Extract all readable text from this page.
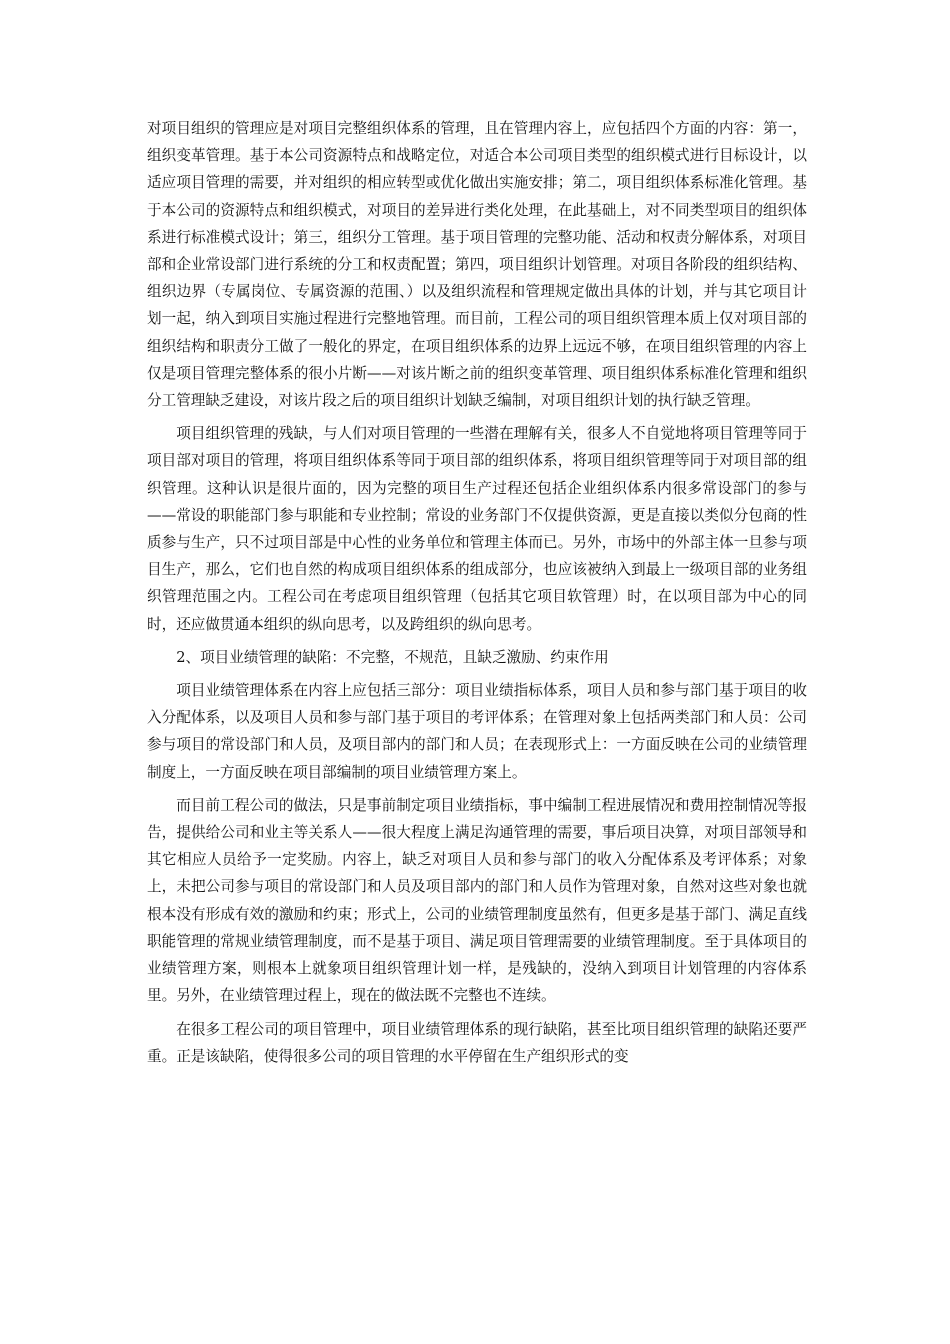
对项目组织的管理应是对项目完整组织体系的管理，且在管理内容上，应包括四个方面的内容：第一，组织变革管理。基于本公司资源特点和战略定位，对适合本公司项目类型的组织模式进行目标设计，以适应项目管理的需要，并对组织的相应转型或优化做出实施安排；第二，项目组织体系标准化管理。基于本公司的资源特点和组织模式，对项目的差异进行类化处理，在此基础上，对不同类型项目的组织体系进行标准模式设计；第三，组织分工管理。基于项目管理的完整功能、活动和权责分解体系，对项目部和企业常设部门进行系统的分工和权责配置；第四，项目组织计划管理。对项目各阶段的组织结构、组织边界（专属岗位、专属资源的范围、）以及组织流程和管理规定做出具体的计划，并与其它项目计划一起，纳入到项目实施过程进行完整地管理。而目前，工程公司的项目组织管理本质上仅对项目部的组织结构和职责分工做了一般化的界定，在项目组织体系的边界上远远不够，在项目组织管理的内容上仅是项目管理完整体系的很小片断——对该片断之前的组织变革管理、项目组织体系标准化管理和组织分工管理缺乏建设，对该片段之后的项目组织计划缺乏编制，对项目组织计划的执行缺乏管理。

项目组织管理的残缺，与人们对项目管理的一些潜在理解有关，很多人不自觉地将项目管理等同于项目部对项目的管理，将项目组织体系等同于项目部的组织体系，将项目组织管理等同于对项目部的组织管理。这种认识是很片面的，因为完整的项目生产过程还包括企业组织体系内很多常设部门的参与——常设的职能部门参与职能和专业控制；常设的业务部门不仅提供资源，更是直接以类似分包商的性质参与生产，只不过项目部是中心性的业务单位和管理主体而已。另外，市场中的外部主体一旦参与项目生产，那么，它们也自然的构成项目组织体系的组成部分，也应该被纳入到最上一级项目部的业务组织管理范围之内。工程公司在考虑项目组织管理（包括其它项目软管理）时，在以项目部为中心的同时，还应做贯通本组织的纵向思考，以及跨组织的纵向思考。

2、项目业绩管理的缺陷：不完整，不规范，且缺乏激励、约束作用

项目业绩管理体系在内容上应包括三部分：项目业绩指标体系，项目人员和参与部门基于项目的收入分配体系，以及项目人员和参与部门基于项目的考评体系；在管理对象上包括两类部门和人员：公司参与项目的常设部门和人员，及项目部内的部门和人员；在表现形式上：一方面反映在公司的业绩管理制度上，一方面反映在项目部编制的项目业绩管理方案上。

而目前工程公司的做法，只是事前制定项目业绩指标，事中编制工程进展情况和费用控制情况等报告，提供给公司和业主等关系人——很大程度上满足沟通管理的需要，事后项目决算，对项目部领导和其它相应人员给予一定奖励。内容上，缺乏对项目人员和参与部门的收入分配体系及考评体系；对象上，未把公司参与项目的常设部门和人员及项目部内的部门和人员作为管理对象，自然对这些对象也就根本没有形成有效的激励和约束；形式上，公司的业绩管理制度虽然有，但更多是基于部门、满足直线职能管理的常规业绩管理制度，而不是基于项目、满足项目管理需要的业绩管理制度。至于具体项目的业绩管理方案，则根本上就象项目组织管理计划一样，是残缺的，没纳入到项目计划管理的内容体系里。另外，在业绩管理过程上，现在的做法既不完整也不连续。

在很多工程公司的项目管理中，项目业绩管理体系的现行缺陷，甚至比项目组织管理的缺陷还要严重。正是该缺陷，使得很多公司的项目管理的水平停留在生产组织形式的变
